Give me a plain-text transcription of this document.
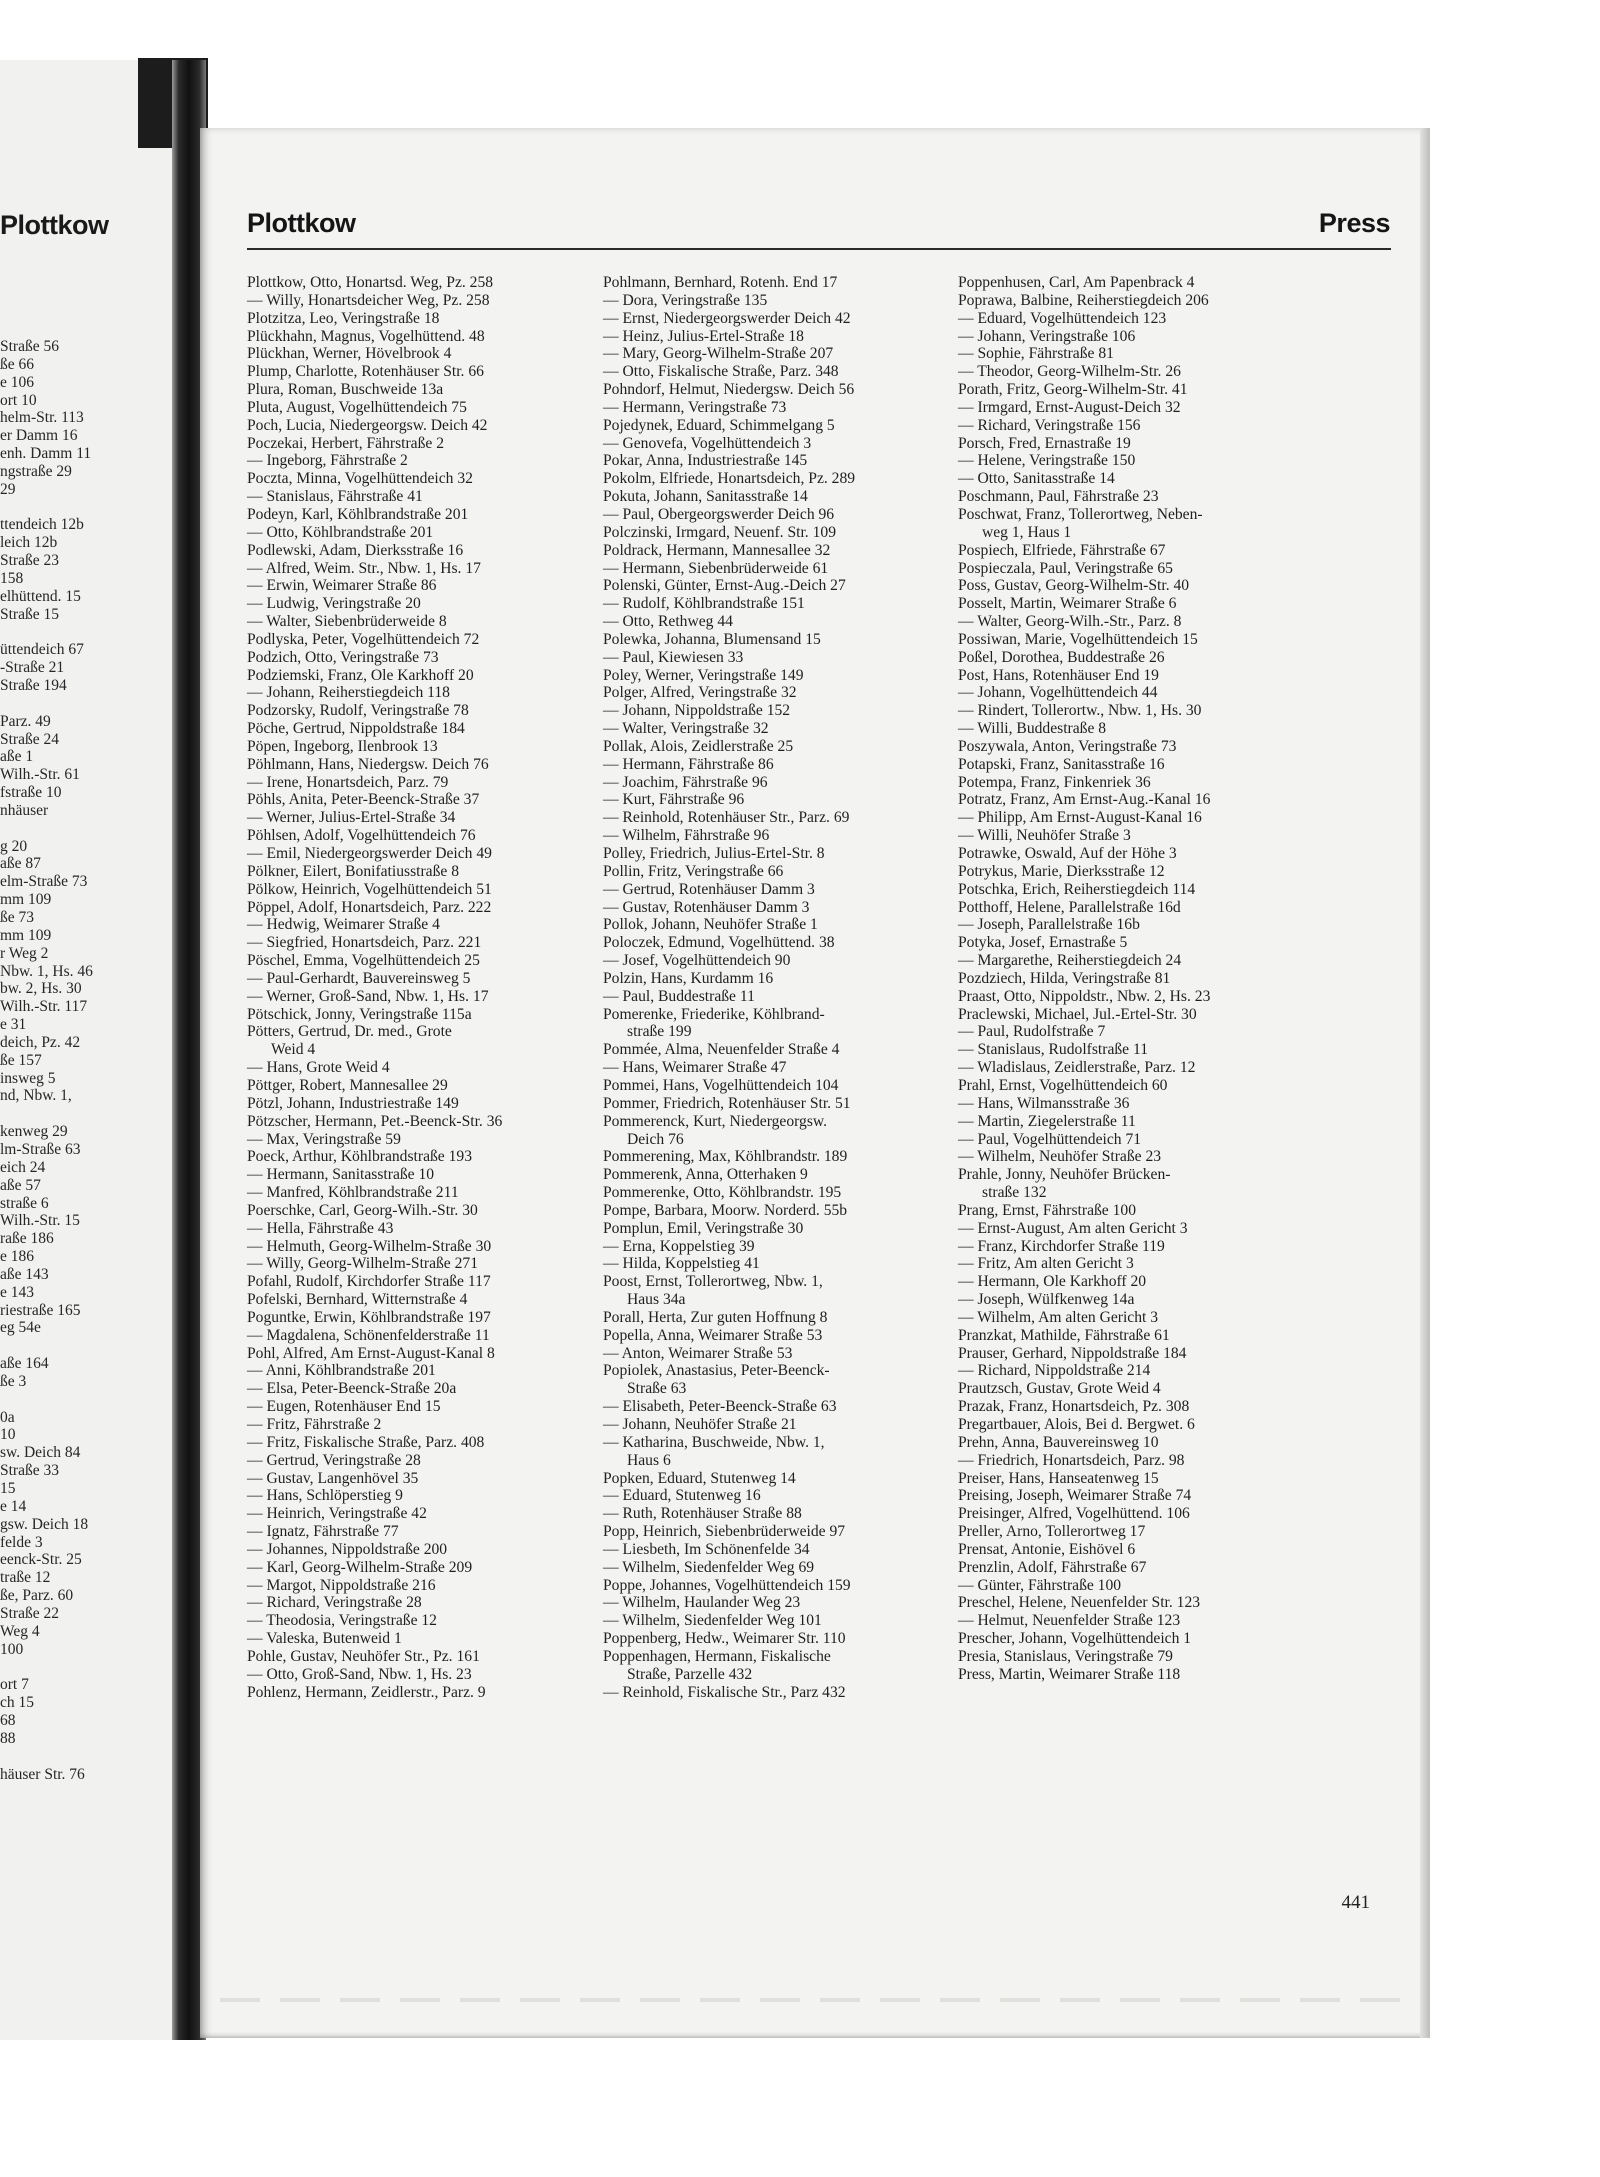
Plottkow
Straße 56
ße 66
e 106
ort 10
helm-Str. 113
er Damm 16
enh. Damm 11
ngstraße 29
29

ttendeich 12b
leich 12b
Straße 23
158
elhüttend. 15
Straße 15

üttendeich 67
-Straße 21
Straße 194

Parz. 49
Straße 24
aße 1
Wilh.-Str. 61
fstraße 10
nhäuser

g 20
aße 87
elm-Straße 73
mm 109
ße 73
mm 109
r Weg 2
Nbw. 1, Hs. 46
bw. 2, Hs. 30
Wilh.-Str. 117
e 31
deich, Pz. 42
ße 157
insweg 5
nd, Nbw. 1,

kenweg 29
lm-Straße 63
eich 24
aße 57
straße 6
Wilh.-Str. 15
raße 186
e 186
aße 143
e 143
riestraße 165
eg 54e

aße 164
ße 3

0a
10
sw. Deich 84
Straße 33
15
e 14
gsw. Deich 18
feldе 3
eenck-Str. 25
traße 12
ße, Parz. 60
Straße 22
Weg 4
100

ort 7
ch 15
68
88

häuser Str. 76
Plottkow	Press
Plottkow, Otto, Honartsd. Weg, Pz. 258
— Willy, Honartsdeicher Weg, Pz. 258
Plotzitza, Leo, Veringstraße 18
Plückhahn, Magnus, Vogelhüttend. 48
Plückhan, Werner, Hövelbrook 4
Plump, Charlotte, Rotenhäuser Str. 66
Plura, Roman, Buschweide 13a
Pluta, August, Vogelhüttendeich 75
Poch, Lucia, Niedergeorgsw. Deich 42
Poczekai, Herbert, Fährstraße 2
— Ingeborg, Fährstraße 2
Poczta, Minna, Vogelhüttendeich 32
— Stanislaus, Fährstraße 41
Podeyn, Karl, Köhlbrandstraße 201
— Otto, Köhlbrandstraße 201
Podlewski, Adam, Dierksstraße 16
— Alfred, Weim. Str., Nbw. 1, Hs. 17
— Erwin, Weimarer Straße 86
— Ludwig, Veringstraße 20
— Walter, Siebenbrüderweide 8
Podlyska, Peter, Vogelhüttendeich 72
Podzich, Otto, Veringstraße 73
Podziemski, Franz, Ole Karkhoff 20
— Johann, Reiherstiegdeich 118
Podzorsky, Rudolf, Veringstraße 78
Pöche, Gertrud, Nippoldstraße 184
Pöpen, Ingeborg, Ilenbrook 13
Pöhlmann, Hans, Niedergsw. Deich 76
— Irene, Honartsdeich, Parz. 79
Pöhls, Anita, Peter-Beenck-Straße 37
— Werner, Julius-Ertel-Straße 34
Pöhlsen, Adolf, Vogelhüttendeich 76
— Emil, Niedergeorgswerder Deich 49
Pölkner, Eilert, Bonifatiusstraße 8
Pölkow, Heinrich, Vogelhüttendeich 51
Pöppel, Adolf, Honartsdeich, Parz. 222
— Hedwig, Weimarer Straße 4
— Siegfried, Honartsdeich, Parz. 221
Pöschel, Emma, Vogelhüttendeich 25
— Paul-Gerhardt, Bauvereinsweg 5
— Werner, Groß-Sand, Nbw. 1, Hs. 17
Pötschick, Jonny, Veringstraße 115a
Pötters, Gertrud, Dr. med., Grote
Weid 4
— Hans, Grote Weid 4
Pöttger, Robert, Mannesallee 29
Pötzl, Johann, Industriestraße 149
Pötzscher, Hermann, Pet.-Beenck-Str. 36
— Max, Veringstraße 59
Poeck, Arthur, Köhlbrandstraße 193
— Hermann, Sanitasstraße 10
— Manfred, Köhlbrandstraße 211
Poerschke, Carl, Georg-Wilh.-Str. 30
— Hella, Fährstraße 43
— Helmuth, Georg-Wilhelm-Straße 30
— Willy, Georg-Wilhelm-Straße 271
Pofahl, Rudolf, Kirchdorfer Straße 117
Pofelski, Bernhard, Witternstraße 4
Poguntke, Erwin, Köhlbrandstraße 197
— Magdalena, Schönenfelderstraße 11
Pohl, Alfred, Am Ernst-August-Kanal 8
— Anni, Köhlbrandstraße 201
— Elsa, Peter-Beenck-Straße 20a
— Eugen, Rotenhäuser End 15
— Fritz, Fährstraße 2
— Fritz, Fiskalische Straße, Parz. 408
— Gertrud, Veringstraße 28
— Gustav, Langenhövel 35
— Hans, Schlöperstieg 9
— Heinrich, Veringstraße 42
— Ignatz, Fährstraße 77
— Johannes, Nippoldstraße 200
— Karl, Georg-Wilhelm-Straße 209
— Margot, Nippoldstraße 216
— Richard, Veringstraße 28
— Theodosia, Veringstraße 12
— Valeska, Butenweid 1
Pohle, Gustav, Neuhöfer Str., Pz. 161
— Otto, Groß-Sand, Nbw. 1, Hs. 23
Pohlenz, Hermann, Zeidlerstr., Parz. 9
Pohlmann, Bernhard, Rotenh. End 17
— Dora, Veringstraße 135
— Ernst, Niedergeorgswerder Deich 42
— Heinz, Julius-Ertel-Straße 18
— Mary, Georg-Wilhelm-Straße 207
— Otto, Fiskalische Straße, Parz. 348
Pohndorf, Helmut, Niedergsw. Deich 56
— Hermann, Veringstraße 73
Pojedynek, Eduard, Schimmelgang 5
— Genovefa, Vogelhüttendeich 3
Pokar, Anna, Industriestraße 145
Pokolm, Elfriede, Honartsdeich, Pz. 289
Pokuta, Johann, Sanitasstraße 14
— Paul, Obergeorgswerder Deich 96
Polczinski, Irmgard, Neuenf. Str. 109
Poldrack, Hermann, Mannesallee 32
— Hermann, Siebenbrüderweide 61
Polenski, Günter, Ernst-Aug.-Deich 27
— Rudolf, Köhlbrandstraße 151
— Otto, Rethweg 44
Polewka, Johanna, Blumensand 15
— Paul, Kiewiesen 33
Poley, Werner, Veringstraße 149
Polger, Alfred, Veringstraße 32
— Johann, Nippoldstraße 152
— Walter, Veringstraße 32
Pollak, Alois, Zeidlerstraße 25
— Hermann, Fährstraße 86
— Joachim, Fährstraße 96
— Kurt, Fährstraße 96
— Reinhold, Rotenhäuser Str., Parz. 69
— Wilhelm, Fährstraße 96
Polley, Friedrich, Julius-Ertel-Str. 8
Pollin, Fritz, Veringstraße 66
— Gertrud, Rotenhäuser Damm 3
— Gustav, Rotenhäuser Damm 3
Pollok, Johann, Neuhöfer Straße 1
Poloczek, Edmund, Vogelhüttend. 38
— Josef, Vogelhüttendeich 90
Polzin, Hans, Kurdamm 16
— Paul, Buddestraße 11
Pomerenke, Friederike, Köhlbrand-
straße 199
Pommée, Alma, Neuenfelder Straße 4
— Hans, Weimarer Straße 47
Pommei, Hans, Vogelhüttendeich 104
Pommer, Friedrich, Rotenhäuser Str. 51
Pommerenck, Kurt, Niedergeorgsw.
Deich 76
Pommerening, Max, Köhlbrandstr. 189
Pommerenk, Anna, Otterhaken 9
Pommerenke, Otto, Köhlbrandstr. 195
Pompe, Barbara, Moorw. Norderd. 55b
Pomplun, Emil, Veringstraße 30
— Erna, Koppelstieg 39
— Hilda, Koppelstieg 41
Poost, Ernst, Tollerortweg, Nbw. 1,
Haus 34a
Porall, Herta, Zur guten Hoffnung 8
Popella, Anna, Weimarer Straße 53
— Anton, Weimarer Straße 53
Popiolek, Anastasius, Peter-Beenck-
Straße 63
— Elisabeth, Peter-Beenck-Straße 63
— Johann, Neuhöfer Straße 21
— Katharina, Buschweide, Nbw. 1,
Haus 6
Popken, Eduard, Stutenweg 14
— Eduard, Stutenweg 16
— Ruth, Rotenhäuser Straße 88
Popp, Heinrich, Siebenbrüderweide 97
— Liesbeth, Im Schönenfelde 34
— Wilhelm, Siedenfelder Weg 69
Poppe, Johannes, Vogelhüttendeich 159
— Wilhelm, Haulander Weg 23
— Wilhelm, Siedenfelder Weg 101
Poppenberg, Hedw., Weimarer Str. 110
Poppenhagen, Hermann, Fiskalische
Straße, Parzelle 432
— Reinhold, Fiskalische Str., Parz 432
Poppenhusen, Carl, Am Papenbrack 4
Poprawa, Balbine, Reiherstiegdeich 206
— Eduard, Vogelhüttendeich 123
— Johann, Veringstraße 106
— Sophie, Fährstraße 81
— Theodor, Georg-Wilhelm-Str. 26
Porath, Fritz, Georg-Wilhelm-Str. 41
— Irmgard, Ernst-August-Deich 32
— Richard, Veringstraße 156
Porsch, Fred, Ernastraße 19
— Helene, Veringstraße 150
— Otto, Sanitasstraße 14
Poschmann, Paul, Fährstraße 23
Poschwat, Franz, Tollerortweg, Neben-
weg 1, Haus 1
Pospiech, Elfriede, Fährstraße 67
Pospieczala, Paul, Veringstraße 65
Poss, Gustav, Georg-Wilhelm-Str. 40
Posselt, Martin, Weimarer Straße 6
— Walter, Georg-Wilh.-Str., Parz. 8
Possiwan, Marie, Vogelhüttendeich 15
Poßel, Dorothea, Buddestraße 26
Post, Hans, Rotenhäuser End 19
— Johann, Vogelhüttendeich 44
— Rindert, Tollerortw., Nbw. 1, Hs. 30
— Willi, Buddestraße 8
Poszywala, Anton, Veringstraße 73
Potapski, Franz, Sanitasstraße 16
Potempa, Franz, Finkenriek 36
Potratz, Franz, Am Ernst-Aug.-Kanal 16
— Philipp, Am Ernst-August-Kanal 16
— Willi, Neuhöfer Straße 3
Potrawke, Oswald, Auf der Höhe 3
Potrykus, Marie, Dierksstraße 12
Potschka, Erich, Reiherstiegdeich 114
Potthoff, Helene, Parallelstraße 16d
— Joseph, Parallelstraße 16b
Potyka, Josef, Ernastraße 5
— Margarethe, Reiherstiegdeich 24
Pozdziech, Hilda, Veringstraße 81
Praast, Otto, Nippoldstr., Nbw. 2, Hs. 23
Praclewski, Michael, Jul.-Ertel-Str. 30
— Paul, Rudolfstraße 7
— Stanislaus, Rudolfstraße 11
— Wladislaus, Zeidlerstraße, Parz. 12
Prahl, Ernst, Vogelhüttendeich 60
— Hans, Wilmansstraße 36
— Martin, Ziegelerstraße 11
— Paul, Vogelhüttendeich 71
— Wilhelm, Neuhöfer Straße 23
Prahle, Jonny, Neuhöfer Brücken-
straße 132
Prang, Ernst, Fährstraße 100
— Ernst-August, Am alten Gericht 3
— Franz, Kirchdorfer Straße 119
— Fritz, Am alten Gericht 3
— Hermann, Ole Karkhoff 20
— Joseph, Wülfkenweg 14a
— Wilhelm, Am alten Gericht 3
Pranzkat, Mathilde, Fährstraße 61
Prauser, Gerhard, Nippoldstraße 184
— Richard, Nippoldstraße 214
Prautzsch, Gustav, Grote Weid 4
Prazak, Franz, Honartsdeich, Pz. 308
Pregartbauer, Alois, Bei d. Bergwet. 6
Prehn, Anna, Bauvereinsweg 10
— Friedrich, Honartsdeich, Parz. 98
Preiser, Hans, Hanseatenweg 15
Preising, Joseph, Weimarer Straße 74
Preisinger, Alfred, Vogelhüttend. 106
Preller, Arno, Tollerortweg 17
Prensat, Antonie, Eishövel 6
Prenzlin, Adolf, Fährstraße 67
— Günter, Fährstraße 100
Preschel, Helene, Neuenfelder Str. 123
— Helmut, Neuenfelder Straße 123
Prescher, Johann, Vogelhüttendeich 1
Presia, Stanislaus, Veringstraße 79
Press, Martin, Weimarer Straße 118
441
